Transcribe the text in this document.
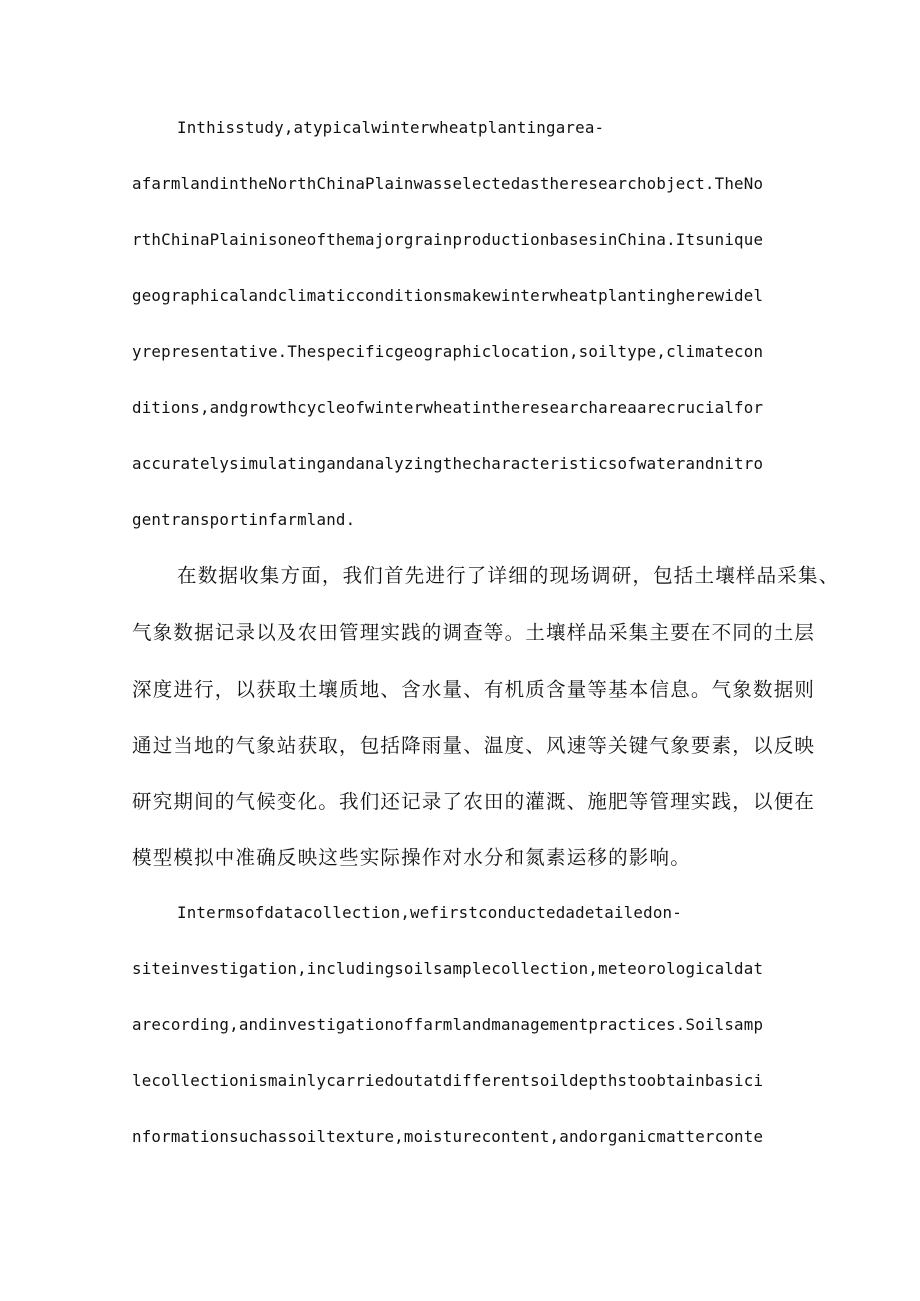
Inthisstudy,atypicalwinterwheatplantingarea-
afarmlandintheNorthChinaPlainwasselectedastheresearchobject.TheNo
rthChinaPlainisoneofthemajorgrainproductionbasesinChina.Itsunique
geographicalandclimaticconditionsmakewinterwheatplantingherewidel
yrepresentative.Thespecificgeographiclocation,soiltype,climatecon
ditions,andgrowthcycleofwinterwheatintheresearchareaarecrucialfor
accuratelysimulatingandanalyzingthecharacteristicsofwaterandnitro
gentransportinfarmland.
在数据收集方面，我们首先进行了详细的现场调研，包括土壤样品采集、
气象数据记录以及农田管理实践的调查等。土壤样品采集主要在不同的土层
深度进行，以获取土壤质地、含水量、有机质含量等基本信息。气象数据则
通过当地的气象站获取，包括降雨量、温度、风速等关键气象要素，以反映
研究期间的气候变化。我们还记录了农田的灌溉、施肥等管理实践，以便在
模型模拟中准确反映这些实际操作对水分和氮素运移的影响。
Intermsofdatacollection,wefirstconductedadetailedon-
siteinvestigation,includingsoilsamplecollection,meteorologicaldat
arecording,andinvestigationoffarmlandmanagementpractices.Soilsamp
lecollectionismainlycarriedoutatdifferentsoildepthstoobtainbasici
nformationsuchassoiltexture,moisturecontent,andorganicmatterconte
